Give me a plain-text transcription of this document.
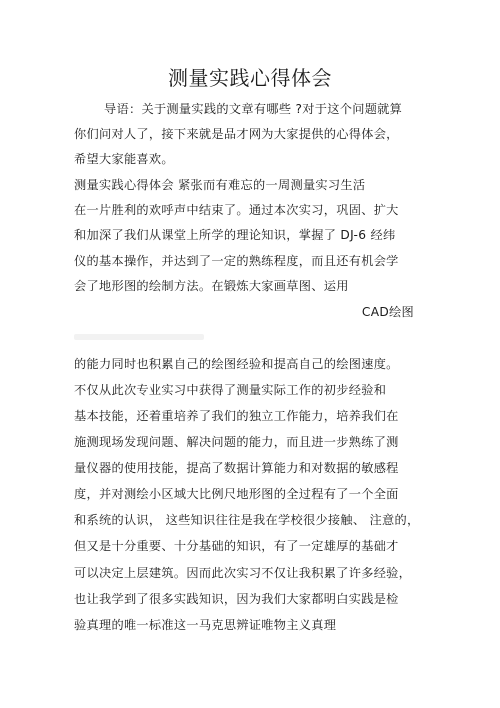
测量实践心得体会
导语：关于测量实践的文章有哪些 ?对于这个问题就算
你们问对人了，接下来就是品才网为大家提供的心得体会，
希望大家能喜欢。
测量实践心得体会 紧张而有难忘的一周测量实习生活
在一片胜利的欢呼声中结束了。通过本次实习，巩固、扩大
和加深了我们从课堂上所学的理论知识，掌握了 DJ-6 经纬
仪的基本操作，并达到了一定的熟练程度，而且还有机会学
会了地形图的绘制方法。在锻炼大家画草图、运用
CAD绘图
的能力同时也积累自己的绘图经验和提高自己的绘图速度。
不仅从此次专业实习中获得了测量实际工作的初步经验和
基本技能，还着重培养了我们的独立工作能力，培养我们在
施测现场发现问题、解决问题的能力，而且进一步熟练了测
量仪器的使用技能，提高了数据计算能力和对数据的敏感程
度，并对测绘小区域大比例尺地形图的全过程有了一个全面
和系统的认识， 这些知识往往是我在学校很少接触、 注意的，
但又是十分重要、十分基础的知识，有了一定雄厚的基础才
可以决定上层建筑。因而此次实习不仅让我积累了许多经验，
也让我学到了很多实践知识，因为我们大家都明白实践是检
验真理的唯一标准这一马克思辨证唯物主义真理
